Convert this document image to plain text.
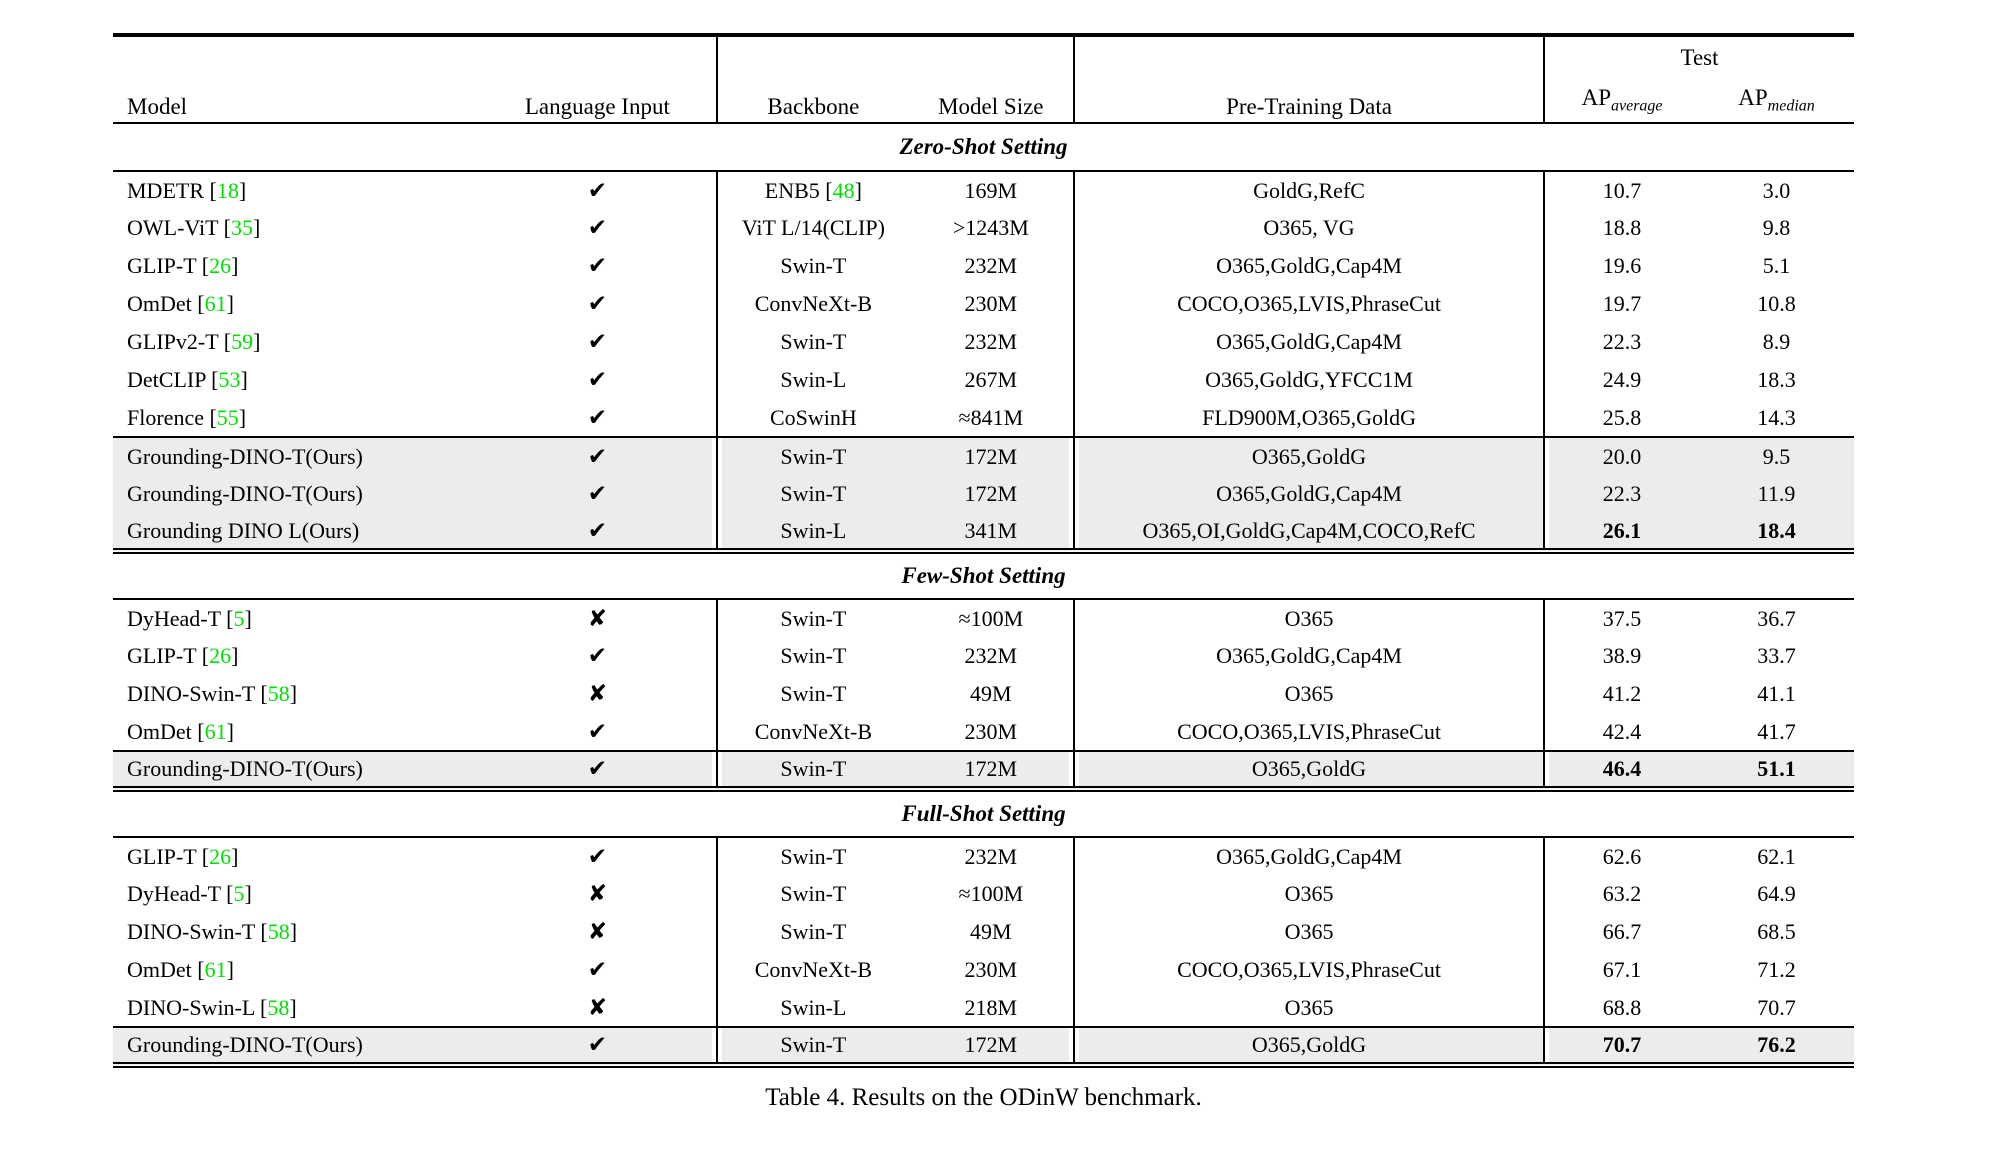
Model	Language Input	Backbone	Model Size	Pre-Training Data	Test	
					$AP_{average}$	$AP_{median}$
Zero-Shot Setting						
MDETR [18]	✔	ENB5 [48]	169M	GoldG,RefC	10.7	3.0
OWL-ViT [35]	✔	ViT L/14(CLIP)	>1243M	O365, VG	18.8	9.8
GLIP-T [26]	✔	Swin-T	232M	O365,GoldG,Cap4M	19.6	5.1
OmDet [61]	✔	ConvNeXt-B	230M	COCO,O365,LVIS,PhraseCut	19.7	10.8
GLIPv2-T [59]	✔	Swin-T	232M	O365,GoldG,Cap4M	22.3	8.9
DetCLIP [53]	✔	Swin-L	267M	O365,GoldG,YFCC1M	24.9	18.3
Florence [55]	✔	CoSwinH	≈841M	FLD900M,O365,GoldG	25.8	14.3
Grounding-DINO-T(Ours)	✔	Swin-T	172M	O365,GoldG	20.0	9.5
Grounding-DINO-T(Ours)	✔	Swin-T	172M	O365,GoldG,Cap4M	22.3	11.9
Grounding DINO L(Ours)	✔	Swin-L	341M	O365,OI,GoldG,Cap4M,COCO,RefC	26.1	18.4
Few-Shot Setting						
DyHead-T [5]	✘	Swin-T	≈100M	O365	37.5	36.7
GLIP-T [26]	✔	Swin-T	232M	O365,GoldG,Cap4M	38.9	33.7
DINO-Swin-T [58]	✘	Swin-T	49M	O365	41.2	41.1
OmDet [61]	✔	ConvNeXt-B	230M	COCO,O365,LVIS,PhraseCut	42.4	41.7
Grounding-DINO-T(Ours)	✔	Swin-T	172M	O365,GoldG	46.4	51.1
Full-Shot Setting						
GLIP-T [26]	✔	Swin-T	232M	O365,GoldG,Cap4M	62.6	62.1
DyHead-T [5]	✘	Swin-T	≈100M	O365	63.2	64.9
DINO-Swin-T [58]	✘	Swin-T	49M	O365	66.7	68.5
OmDet [61]	✔	ConvNeXt-B	230M	COCO,O365,LVIS,PhraseCut	67.1	71.2
DINO-Swin-L [58]	✘	Swin-L	218M	O365	68.8	70.7
Grounding-DINO-T(Ours)	✔	Swin-T	172M	O365,GoldG	70.7	76.2
Table 4. Results on the ODinW benchmark.
